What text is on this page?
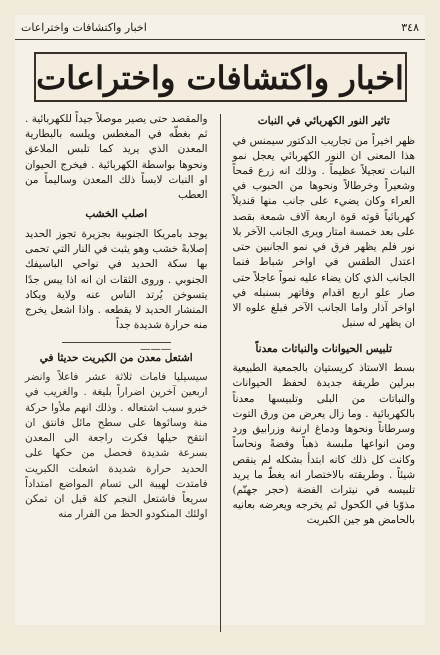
٣٤٨
اخبار واكتشافات واختراعات
اخبار واكتشافات واختراعات
تاثير النور الكهربائي في النبات

ظهر اخيراً من تجاريب الدكتور سيمنس في هذا المعنى ان النور الكهربائي يعجل نمو النبات تعجيلاً عظيماً . وذلك انه زرع قمحاً وشعيراً وخرطالاً ونحوها من الحبوب في العراء وكان يضيء على جانب منها قنديلاً كهربائياً قوته قوة اربعة آلاف شمعة بقصد على بعد خمسة امتار ويرى الجانب الآخر بلا نور فلم يظهر فرق في نمو الجانبين حتى اعتدل الطقس في اواخر شباط فنما الجانب الذي كان يضاء عليه نمواً عاجلاً حتى صار علو اربع اقدام وفاتهر بسنبله في اواخر آذار واما الجانب الآخر فبلغ علوه الا ان يظهر له سنبل

تلبيس الحيوانات والنباتات معدناً

بسط الاستاذ كريستيان بالجمعية الطبيعية ببرلين طريقة جديدة لحفظ الحيوانات والنباتات من البلى وتلبيسها معدناً بالكهربائية . وما زال يعرض من ورق التوت وسرطاناً ونحوها ودماغ ارنبة وزرابيق ورد ومن انواعها ملبسة ذهباً وفضةً ونحاساً وكانت كل ذلك كانه ابتدأ بشكله لم ينقص شيئاً . وطريقته بالاختصار انه يغطّ ما يريد تلبيسه في نيترات الفضة (حجر جهنّم) مذوّبا في الكحول ثم يخرجه ويعرضه بعانيه بالحامض هو جين الكبريت

والمقصد حتى يصير موصلاً جيداً للكهربائية . ثم بغطّه في المغطس ويلسه بالبطارية المعدن الذي يريد كما تلبس الملاعق ونحوها بواسطة الكهربائية . فيخرج الحيوان او النبات لابساً ذلك المعدن وساليماً من العطب

اصلب الخشب

يوجد بامريكا الجنوبية بجزيرة تجوز الحديد إصلابةً خشب وهو يثبت في النار التي تحمى بها سكة الحديد في نواحي الباسيفك الجنوبي . وروى الثقات ان انه اذا يبس جدًا يتسوخن يُرتد الناس عنه ولاية ويكاد المنشار الحديد لا يقطعه . واذا اشعل يخرج منه حرارة شديدة جداً

———
اشتعل معدن من الكبريت حديثا في

سيسيليا فامات ثلاثة عشر فاعلاً وانضر اربعين آخرين اضراراً بليغة . والغريب في خبرو سبب اشتعاله . وذلك انهم ملأوا حركة منة وسائوها على سطح مائل فانتق ان انتقح حيلها فكرت راجعة الى المعدن بسرعة شديدة فحصل من حكها على الحديد حرارة شديدة اشعلت الكبريت فامتدت لهيبة الى تسام المواضع امتداداً سريعاً فاشتعل النجم كلة قبل ان تمكن اولئك المنكودو الحظ من الفرار منه
